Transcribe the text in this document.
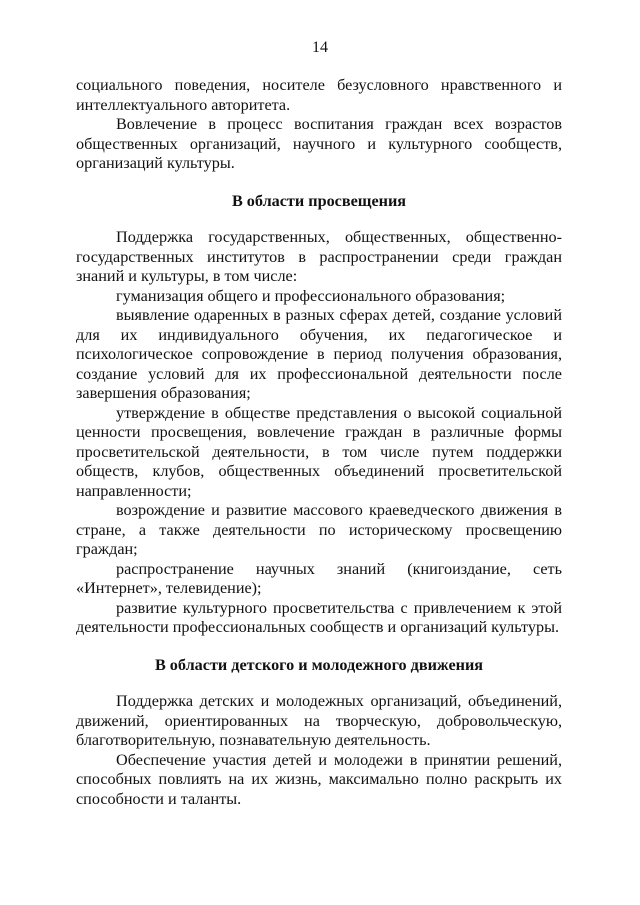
14

социального поведения, носителе безусловного нравственного и интеллектуального авторитета.

Вовлечение в процесс воспитания граждан всех возрастов общественных организаций, научного и культурного сообществ, организаций культуры.

В области просвещения

Поддержка государственных, общественных, общественно-государственных институтов в распространении среди граждан знаний и культуры, в том числе:

гуманизация общего и профессионального образования;

выявление одаренных в разных сферах детей, создание условий для их индивидуального обучения, их педагогическое и психологическое сопровождение в период получения образования, создание условий для их профессиональной деятельности после завершения образования;

утверждение в обществе представления о высокой социальной ценности просвещения, вовлечение граждан в различные формы просветительской деятельности, в том числе путем поддержки обществ, клубов, общественных объединений просветительской направленности;

возрождение и развитие массового краеведческого движения в стране, а также деятельности по историческому просвещению граждан;

распространение научных знаний (книгоиздание, сеть «Интернет», телевидение);

развитие культурного просветительства с привлечением к этой деятельности профессиональных сообществ и организаций культуры.

В области детского и молодежного движения

Поддержка детских и молодежных организаций, объединений, движений, ориентированных на творческую, добровольческую, благотворительную, познавательную деятельность.

Обеспечение участия детей и молодежи в принятии решений, способных повлиять на их жизнь, максимально полно раскрыть их способности и таланты.
